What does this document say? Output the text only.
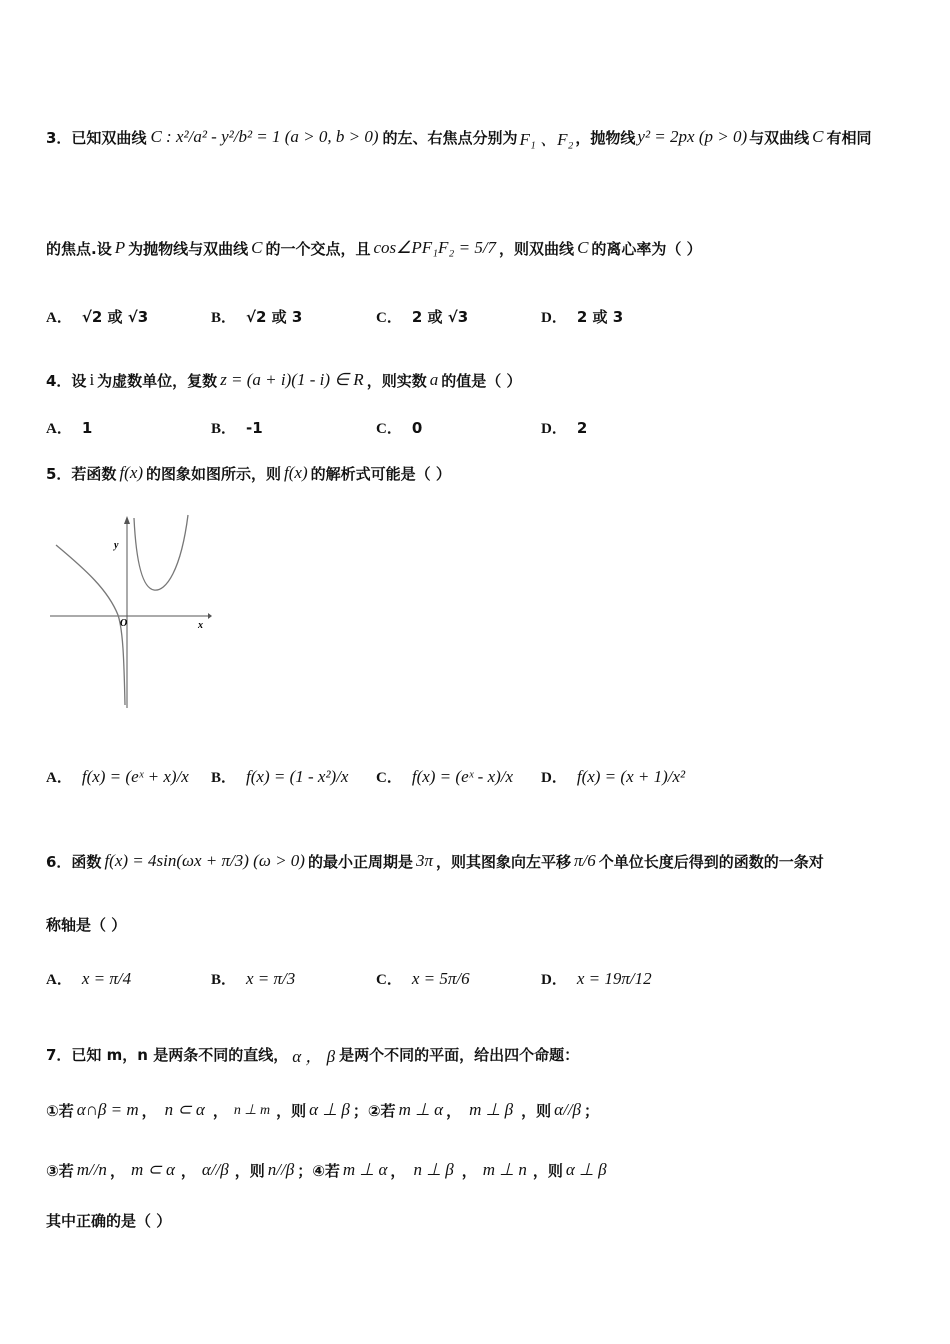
3．已知双曲线 C : x²/a² - y²/b² = 1 (a > 0, b > 0) 的左、右焦点分别为 F₁ 、F₂ ，抛物线 y² = 2px (p > 0) 与双曲线 C 有相同
的焦点.设 P 为抛物线与双曲线 C 的一个交点，且 cos∠PF₁F₂ = 5/7 ，则双曲线 C 的离心率为（ ）
A． √2 或 √3	B． √2 或 3	C． 2 或 √3	D． 2 或 3
4．设 i 为虚数单位，复数 z = (a + i)(1 - i) ∈ R ，则实数 a 的值是（ ）
A． 1	B． -1	C． 0	D． 2
5．若函数 f(x) 的图象如图所示，则 f(x) 的解析式可能是（ ）
y
x
O
A． f(x) = (eˣ + x)/x B． f(x) = (1 - x²)/x C． f(x) = (eˣ - x)/x D． f(x) = (x + 1)/x²
6．函数 f(x) = 4sin(ωx + π/3) (ω > 0) 的最小正周期是 3π ，则其图象向左平移 π/6 个单位长度后得到的函数的一条对
称轴是（ ）
A． x = π/4	B． x = π/3	C． x = 5π/6	D． x = 19π/12
7．已知 m，n 是两条不同的直线， α ， β 是两个不同的平面，给出四个命题：
①若 α∩β = m ， n ⊂ α ， n ⊥ m ，则 α ⊥ β ；②若 m ⊥ α ， m ⊥ β ，则 α//β ；
③若 m//n ， m ⊂ α ， α//β ，则 n//β ；④若 m ⊥ α ， n ⊥ β ， m ⊥ n ，则 α ⊥ β
其中正确的是（ ）
